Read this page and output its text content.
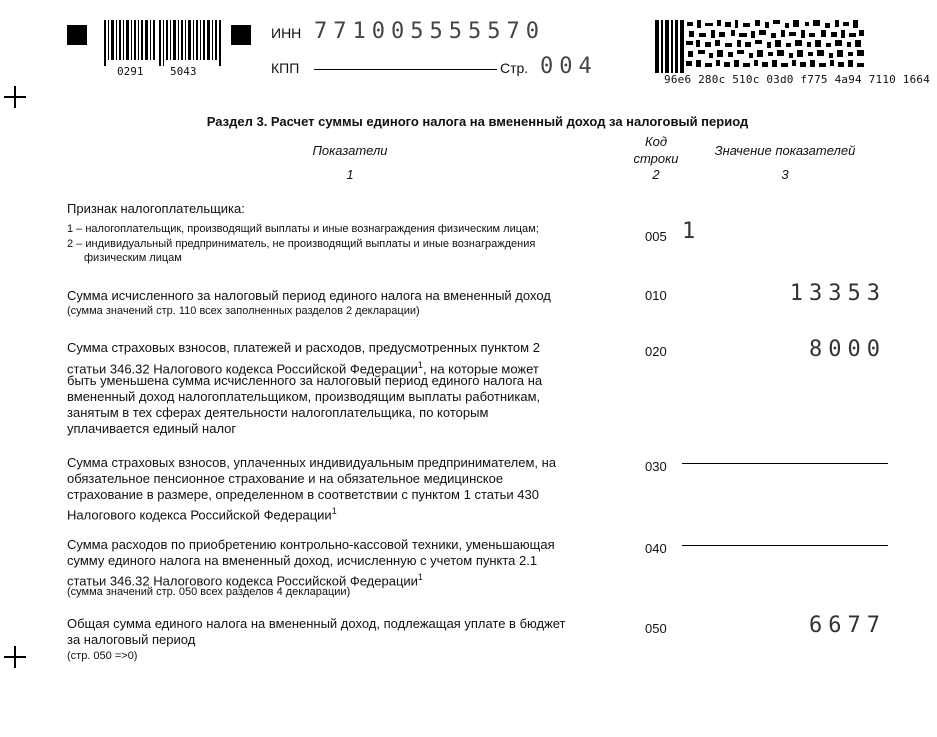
0291 5043
ИНН 771005555570
КПП	Стр. 004
96e6 280c 510c 03d0 f775 4a94 7110 1664
Раздел 3. Расчет суммы единого налога на вмененный доход за налоговый период
Показатели
Код
строки
Значение показателей
1	2	3
Признак налогоплательщика:
1 – налогоплательщик, производящий выплаты и иные вознаграждения физическим лицам;
2 – индивидуальный предприниматель, не производящий выплаты и иные вознаграждения
физическим лицам
005 1
Сумма исчисленного за налоговый период единого налога на вмененный доход
(сумма значений стр. 110 всех заполненных разделов 2 декларации)
010	13353
Сумма страховых взносов, платежей и расходов, предусмотренных пунктом 2
статьи 346.32 Налогового кодекса Российской Федерации$^1$, на которые может
быть уменьшена сумма исчисленного за налоговый период единого налога на
вмененный доход налогоплательщиком, производящим выплаты работникам,
занятым в тех сферах деятельности налогоплательщика, по которым
уплачивается единый налог
020	8000
Сумма страховых взносов, уплаченных индивидуальным предпринимателем, на
обязательное пенсионное страхование и на обязательное медицинское
страхование в размере, определенном в соответствии с пунктом 1 статьи 430
Налогового кодекса Российской Федерации$^1$
030
Сумма расходов по приобретению контрольно-кассовой техники, уменьшающая
сумму единого налога на вмененный доход, исчисленную с учетом пункта 2.1
статьи 346.32 Налогового кодекса Российской Федерации$^1$
(сумма значений стр. 050 всех разделов 4 декларации)
040
Общая сумма единого налога на вмененный доход, подлежащая уплате в бюджет
за налоговый период
(стр. 050 =>0)
050	6677
